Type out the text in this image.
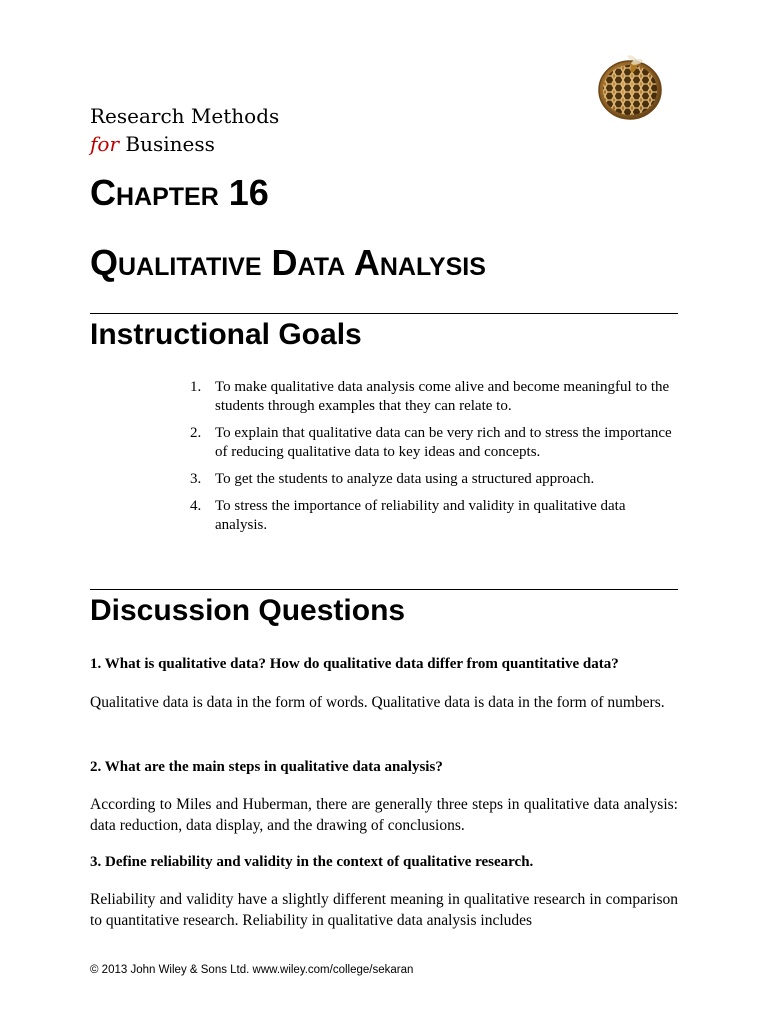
Research Methods
for Business
Chapter 16
Qualitative Data Analysis
Instructional Goals
1. To make qualitative data analysis come alive and become meaningful to the students through examples that they can relate to.
2. To explain that qualitative data can be very rich and to stress the importance of reducing qualitative data to key ideas and concepts.
3. To get the students to analyze data using a structured approach.
4. To stress the importance of reliability and validity in qualitative data analysis.
Discussion Questions

1. What is qualitative data? How do qualitative data differ from quantitative data?

Qualitative data is data in the form of words. Qualitative data is data in the form of numbers.

2. What are the main steps in qualitative data analysis?

According to Miles and Huberman, there are generally three steps in qualitative data analysis: data reduction, data display, and the drawing of conclusions.

3. Define reliability and validity in the context of qualitative research.

Reliability and validity have a slightly different meaning in qualitative research in comparison to quantitative research. Reliability in qualitative data analysis includes

© 2013 John Wiley & Sons Ltd. www.wiley.com/college/sekaran
